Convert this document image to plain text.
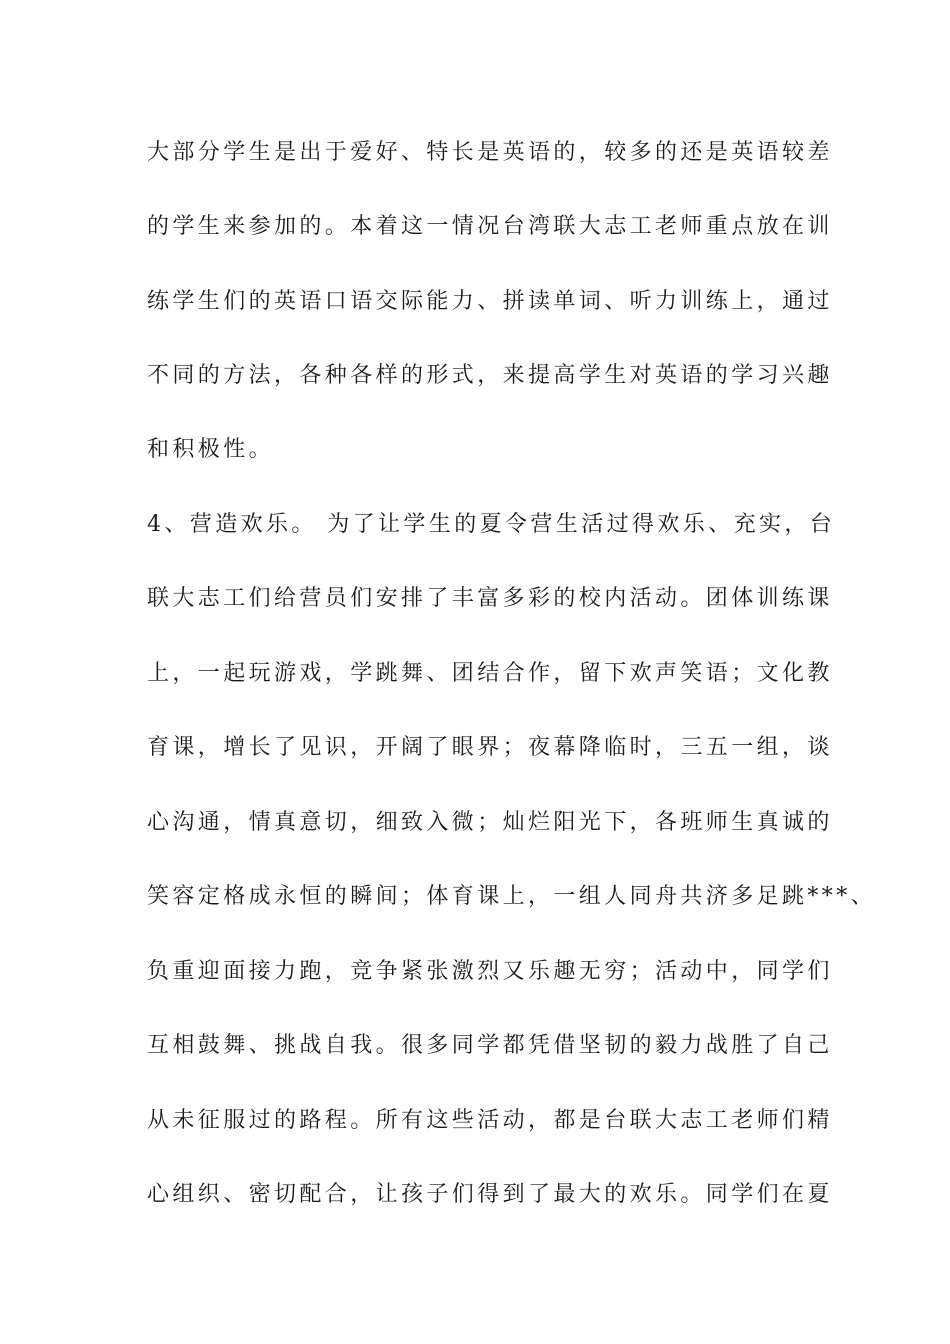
大部分学生是出于爱好、特长是英语的，较多的还是英语较差
的学生来参加的。本着这一情况台湾联大志工老师重点放在训
练学生们的英语口语交际能力、拼读单词、听力训练上，通过
不同的方法，各种各样的形式，来提高学生对英语的学习兴趣
和积极性。
4、营造欢乐。 为了让学生的夏令营生活过得欢乐、充实，台
联大志工们给营员们安排了丰富多彩的校内活动。团体训练课
上，一起玩游戏，学跳舞、团结合作，留下欢声笑语；文化教
育课，增长了见识，开阔了眼界；夜幕降临时，三五一组，谈
心沟通，情真意切，细致入微；灿烂阳光下，各班师生真诚的
笑容定格成永恒的瞬间；体育课上，一组人同舟共济多足跳***、
负重迎面接力跑，竞争紧张激烈又乐趣无穷；活动中，同学们
互相鼓舞、挑战自我。很多同学都凭借坚韧的毅力战胜了自己
从未征服过的路程。所有这些活动，都是台联大志工老师们精
心组织、密切配合，让孩子们得到了最大的欢乐。同学们在夏
